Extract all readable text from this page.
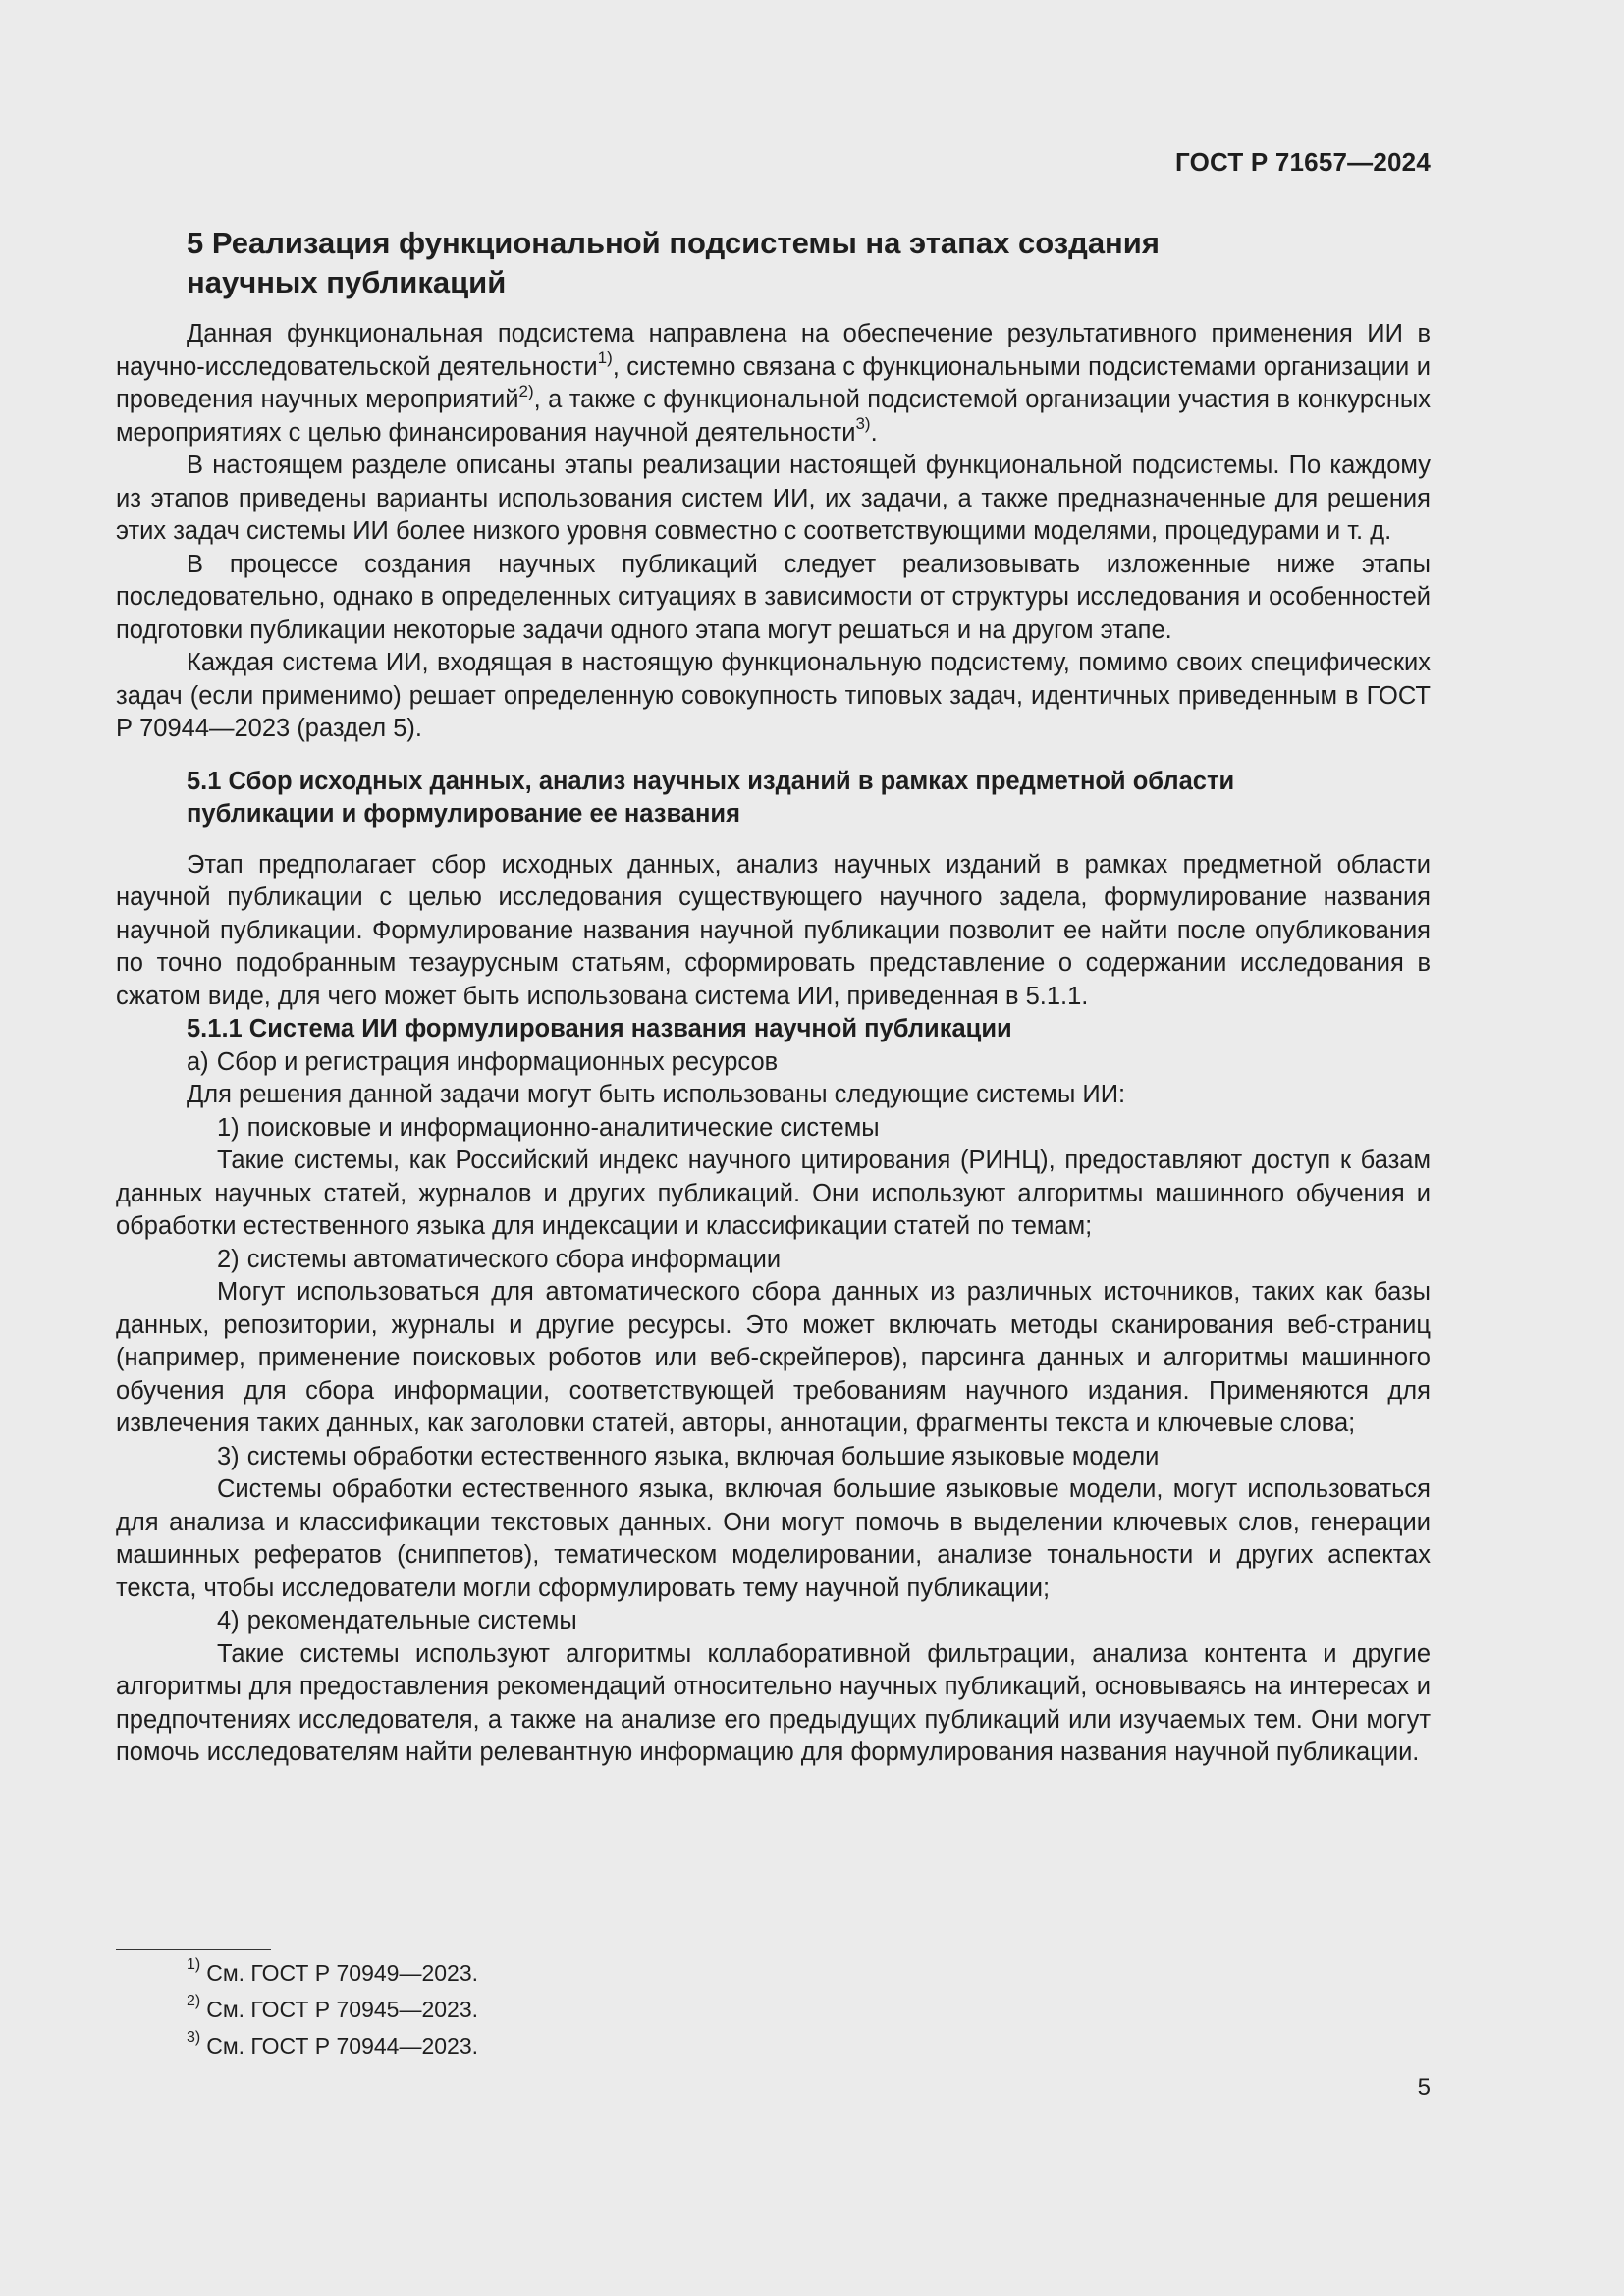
ГОСТ Р 71657—2024
5 Реализация функциональной подсистемы на этапах создания
научных публикаций

Данная функциональная подсистема направлена на обеспечение результативного применения ИИ в научно-исследовательской деятельности$^{1)}$, системно связана с функциональными подсистемами организации и проведения научных мероприятий$^{2)}$, а также с функциональной подсистемой организации участия в конкурсных мероприятиях с целью финансирования научной деятельности$^{3)}$.

В настоящем разделе описаны этапы реализации настоящей функциональной подсистемы. По каждому из этапов приведены варианты использования систем ИИ, их задачи, а также предназначенные для решения этих задач системы ИИ более низкого уровня совместно с соответствующими моделями, процедурами и т. д.

В процессе создания научных публикаций следует реализовывать изложенные ниже этапы последовательно, однако в определенных ситуациях в зависимости от структуры исследования и особенностей подготовки публикации некоторые задачи одного этапа могут решаться и на другом этапе.

Каждая система ИИ, входящая в настоящую функциональную подсистему, помимо своих специфических задач (если применимо) решает определенную совокупность типовых задач, идентичных приведенным в ГОСТ Р 70944—2023 (раздел 5).

5.1 Сбор исходных данных, анализ научных изданий в рамках предметной области
публикации и формулирование ее названия

Этап предполагает сбор исходных данных, анализ научных изданий в рамках предметной области научной публикации с целью исследования существующего научного задела, формулирование названия научной публикации. Формулирование названия научной публикации позволит ее найти после опубликования по точно подобранным тезаурусным статьям, сформировать представление о содержании исследования в сжатом виде, для чего может быть использована система ИИ, приведенная в 5.1.1.

5.1.1 Система ИИ формулирования названия научной публикации

а) Сбор и регистрация информационных ресурсов

Для решения данной задачи могут быть использованы следующие системы ИИ:

1) поисковые и информационно-аналитические системы

Такие системы, как Российский индекс научного цитирования (РИНЦ), предоставляют доступ к базам данных научных статей, журналов и других публикаций. Они используют алгоритмы машинного обучения и обработки естественного языка для индексации и классификации статей по темам;

2) системы автоматического сбора информации

Могут использоваться для автоматического сбора данных из различных источников, таких как базы данных, репозитории, журналы и другие ресурсы. Это может включать методы сканирования веб-страниц (например, применение поисковых роботов или веб-скрейперов), парсинга данных и алгоритмы машинного обучения для сбора информации, соответствующей требованиям научного издания. Применяются для извлечения таких данных, как заголовки статей, авторы, аннотации, фрагменты текста и ключевые слова;

3) системы обработки естественного языка, включая большие языковые модели

Системы обработки естественного языка, включая большие языковые модели, могут использоваться для анализа и классификации текстовых данных. Они могут помочь в выделении ключевых слов, генерации машинных рефератов (сниппетов), тематическом моделировании, анализе тональности и других аспектах текста, чтобы исследователи могли сформулировать тему научной публикации;

4) рекомендательные системы

Такие системы используют алгоритмы коллаборативной фильтрации, анализа контента и другие алгоритмы для предоставления рекомендаций относительно научных публикаций, основываясь на интересах и предпочтениях исследователя, а также на анализе его предыдущих публикаций или изучаемых тем. Они могут помочь исследователям найти релевантную информацию для формулирования названия научной публикации.

$^{1)}$ См. ГОСТ Р 70949—2023.
$^{2)}$ См. ГОСТ Р 70945—2023.
$^{3)}$ См. ГОСТ Р 70944—2023.
5
